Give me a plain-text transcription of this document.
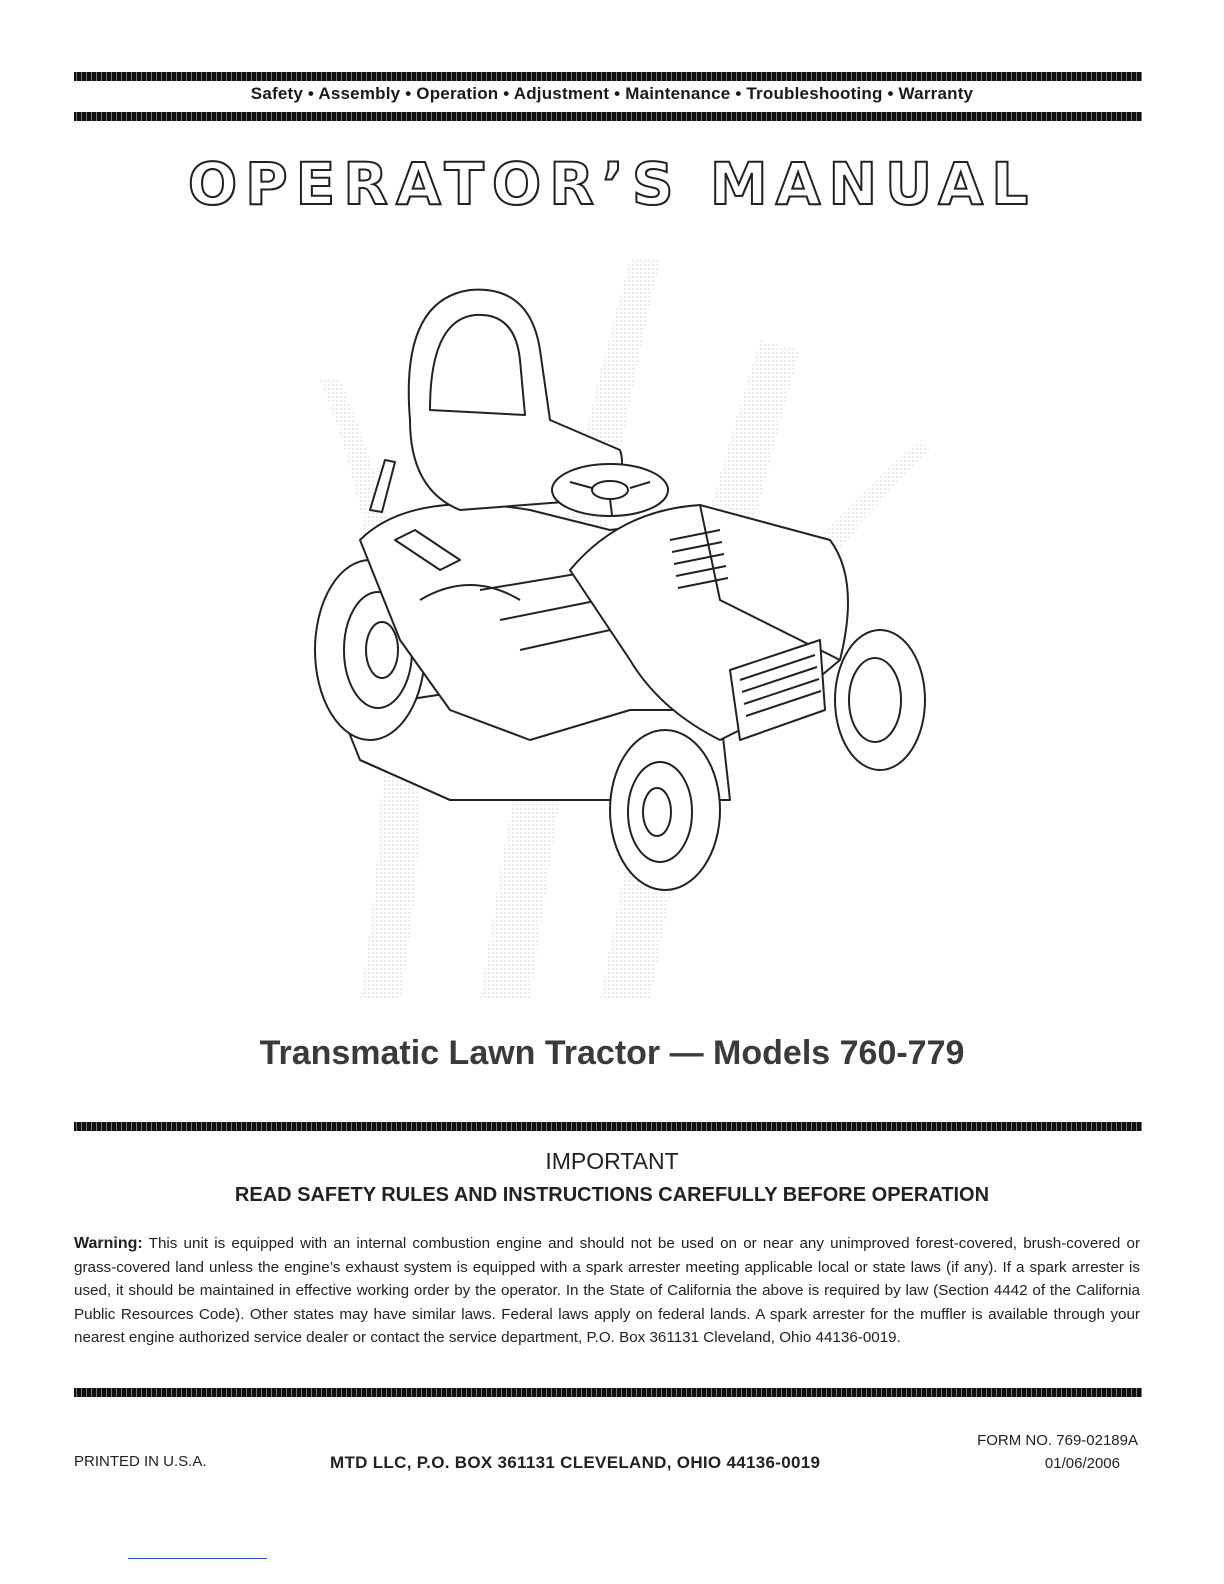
Safety • Assembly • Operation • Adjustment • Maintenance • Troubleshooting • Warranty
OPERATOR’S MANUAL
Transmatic Lawn Tractor — Models 760-779
IMPORTANT
READ SAFETY RULES AND INSTRUCTIONS CAREFULLY BEFORE OPERATION
Warning: This unit is equipped with an internal combustion engine and should not be used on or near any unimproved forest-covered, brush-covered or grass-covered land unless the engine’s exhaust system is equipped with a spark arrester meeting applicable local or state laws (if any). If a spark arrester is used, it should be maintained in effective working order by the operator. In the State of California the above is required by law (Section 4442 of the California Public Resources Code). Other states may have similar laws. Federal laws apply on federal lands. A spark arrester for the muffler is available through your nearest engine authorized service dealer or contact the service department, P.O. Box 361131 Cleveland, Ohio 44136-0019.
PRINTED IN U.S.A.	MTD LLC, P.O. BOX 361131 CLEVELAND, OHIO 44136-0019
FORM NO. 769-02189A
01/06/2006
